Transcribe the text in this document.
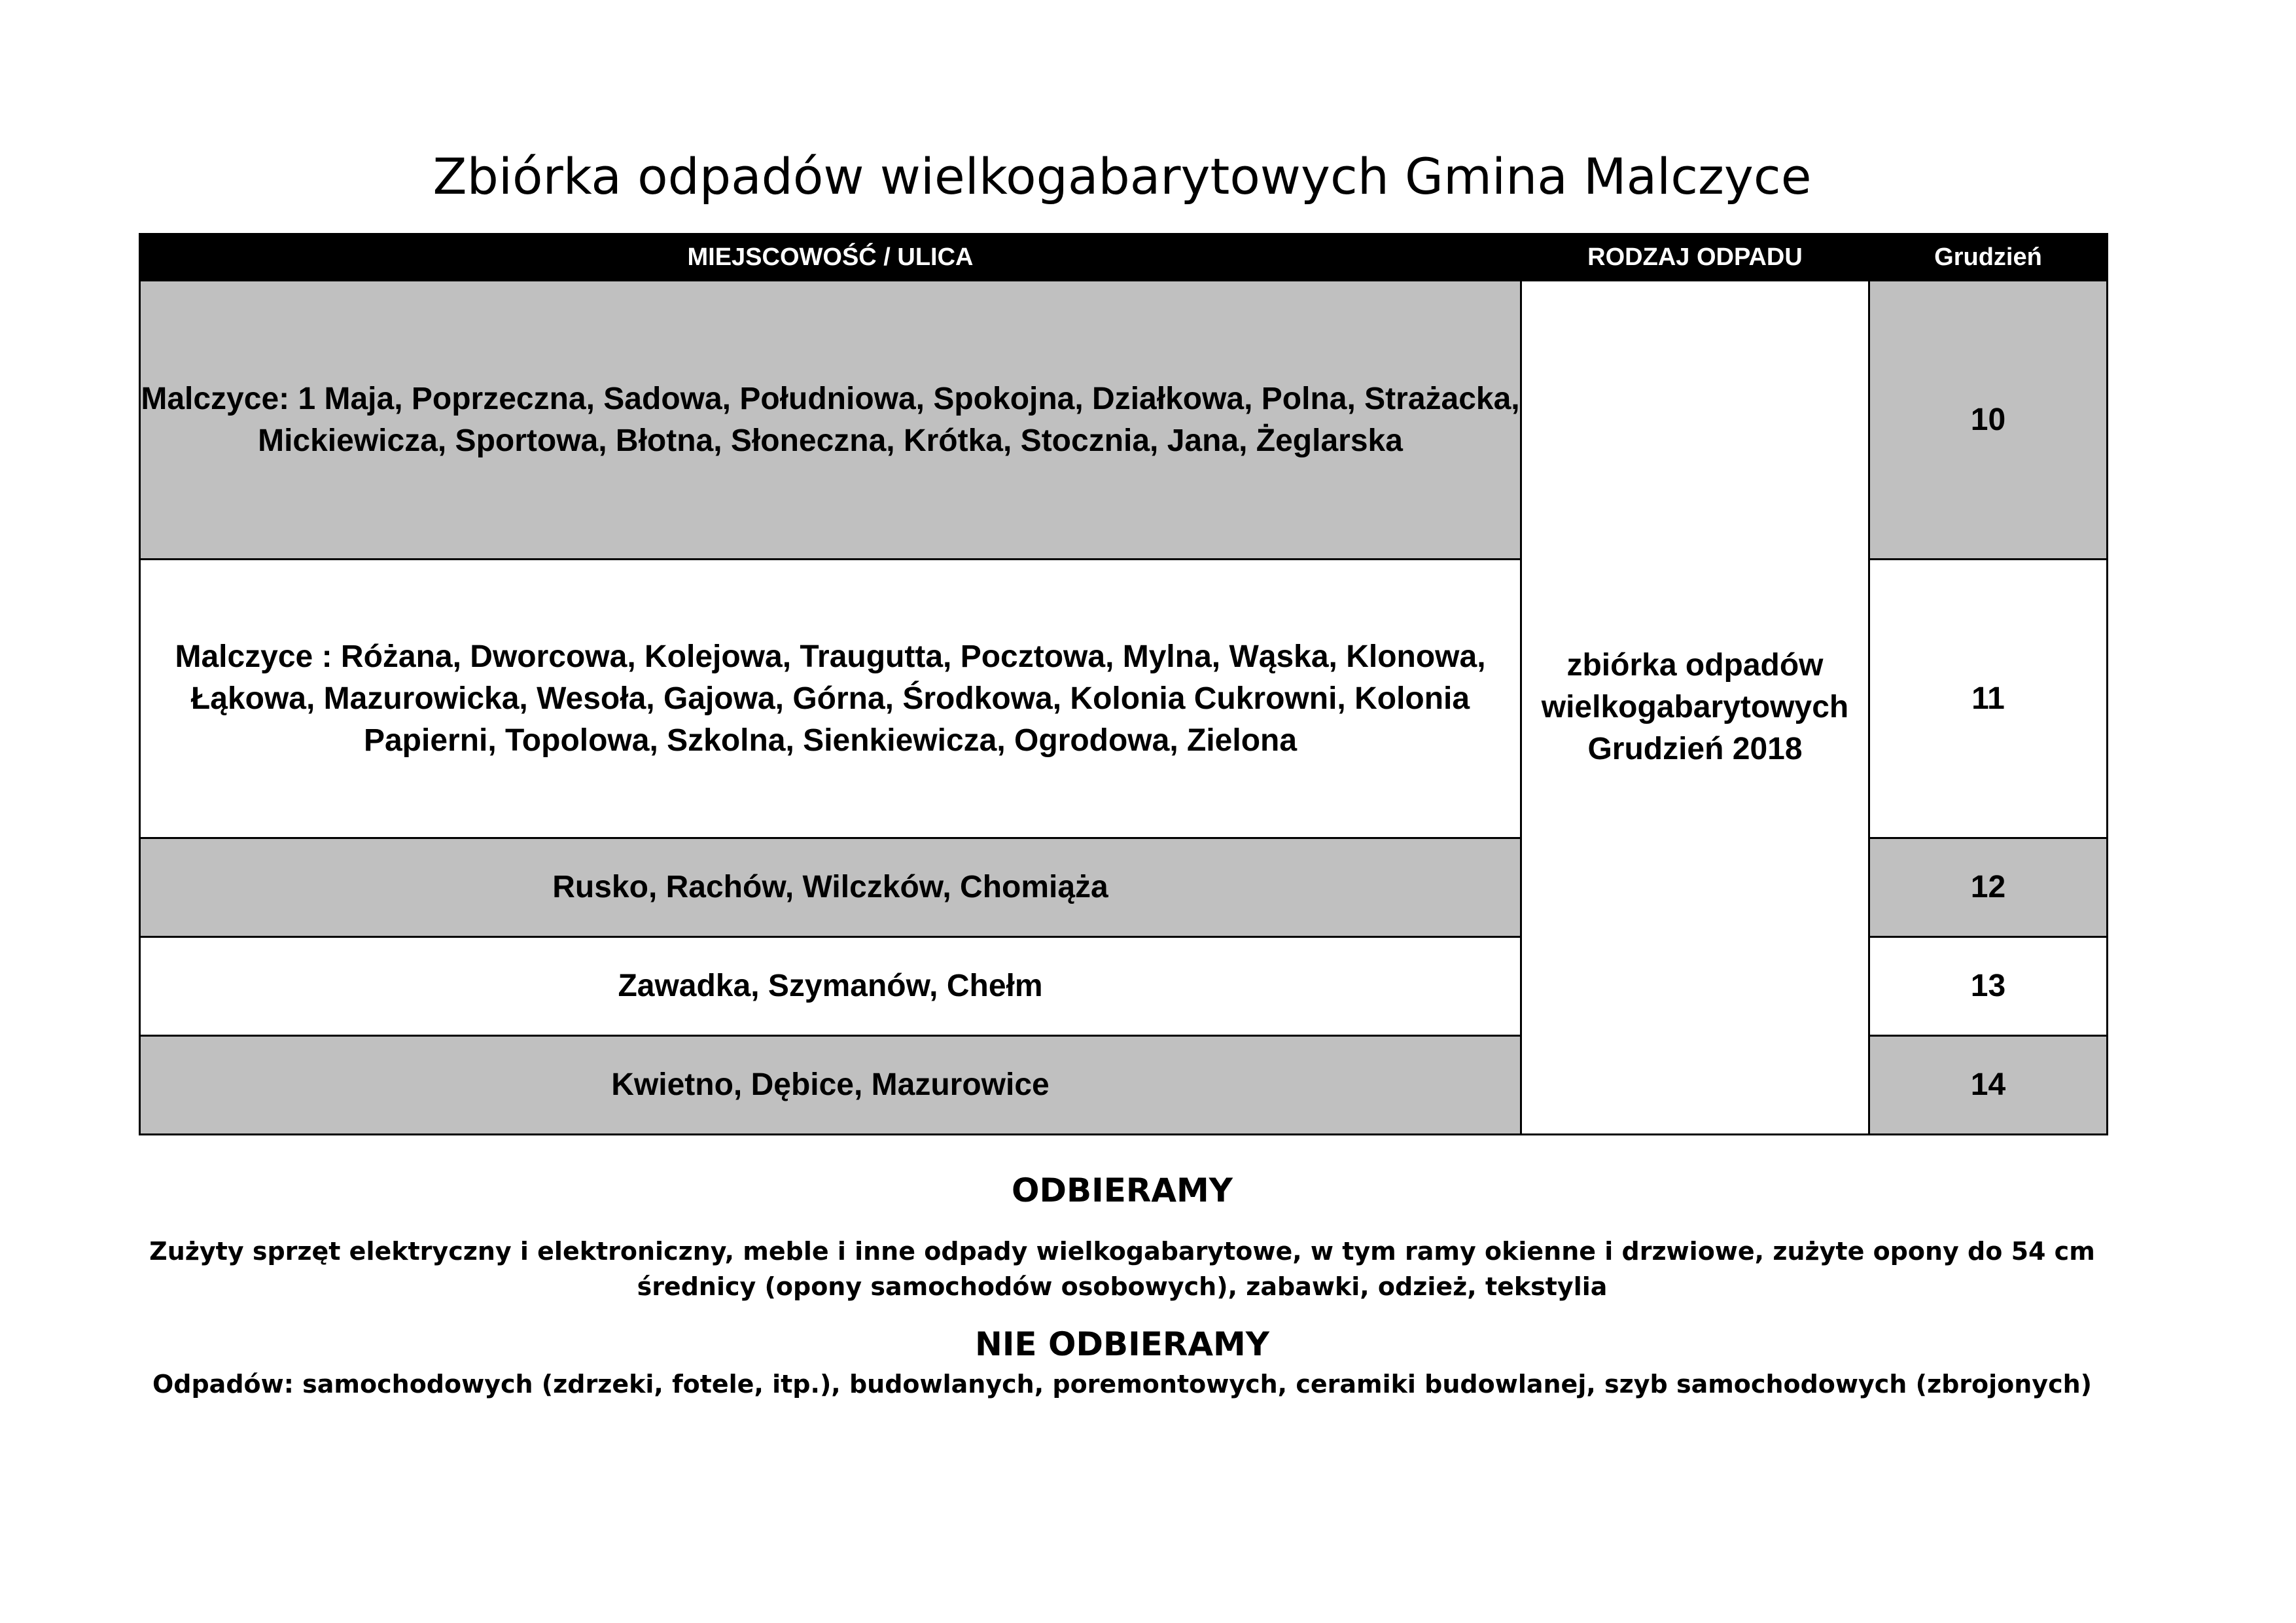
Zbiórka odpadów wielkogabarytowych Gmina Malczyce
MIEJSCOWOŚĆ / ULICA	RODZAJ ODPADU	Grudzień
Malczyce: 1 Maja, Poprzeczna, Sadowa, Południowa, Spokojna, Działkowa, Polna, Strażacka, Mickiewicza, Sportowa, Błotna, Słoneczna, Krótka, Stocznia, Jana, Żeglarska	zbiórka odpadów wielkogabarytowych Grudzień 2018	10
Malczyce : Różana, Dworcowa, Kolejowa, Traugutta, Pocztowa, Mylna, Wąska, Klonowa, Łąkowa, Mazurowicka, Wesoła, Gajowa, Górna, Środkowa, Kolonia Cukrowni, Kolonia Papierni, Topolowa, Szkolna, Sienkiewicza, Ogrodowa, Zielona		11
Rusko, Rachów, Wilczków, Chomiąża		12
Zawadka, Szymanów, Chełm		13
Kwietno, Dębice, Mazurowice		14
ODBIERAMY
Zużyty sprzęt elektryczny i elektroniczny, meble i inne odpady wielkogabarytowe, w tym ramy okienne i drzwiowe, zużyte opony do 54 cm średnicy (opony samochodów osobowych), zabawki, odzież, tekstylia
NIE ODBIERAMY
Odpadów: samochodowych (zdrzeki, fotele, itp.), budowlanych, poremontowych, ceramiki budowlanej, szyb samochodowych (zbrojonych)
